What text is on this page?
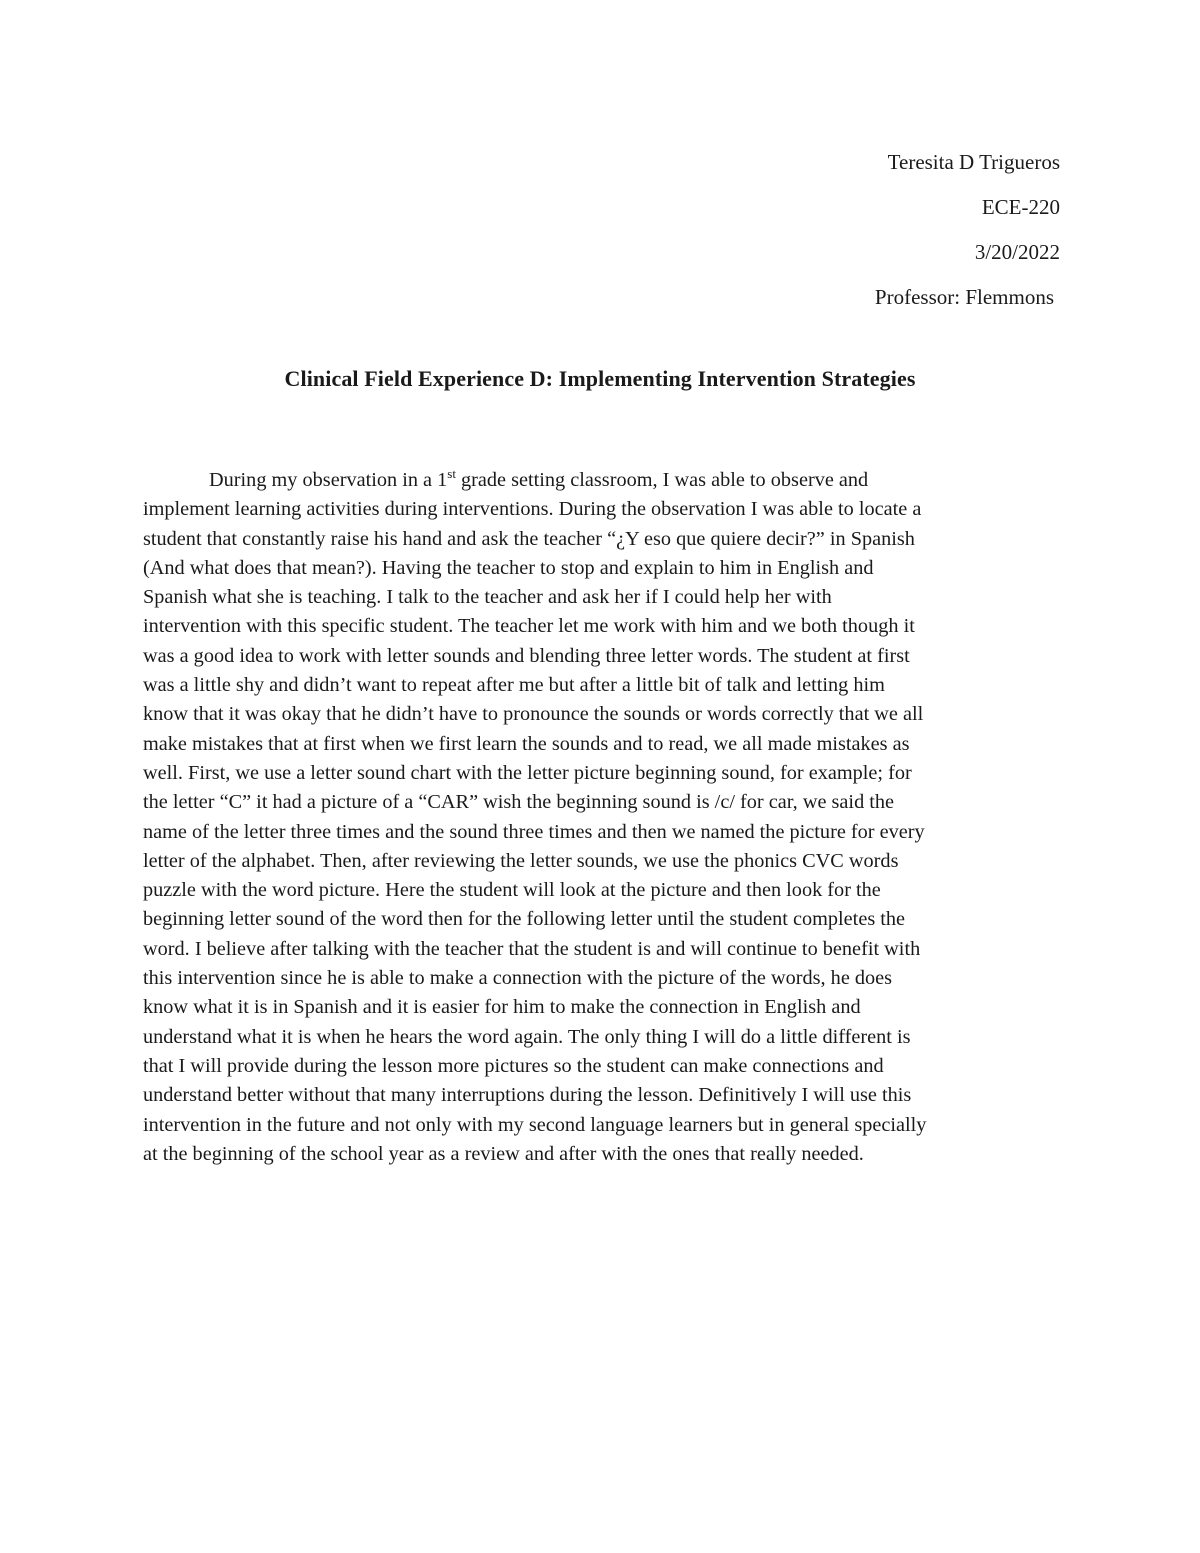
Teresita D Trigueros
ECE-220
3/20/2022
Professor: Flemmons
Clinical Field Experience D: Implementing Intervention Strategies
During my observation in a 1st grade setting classroom, I was able to observe and
implement learning activities during interventions. During the observation I was able to locate a
student that constantly raise his hand and ask the teacher “¿Y eso que quiere decir?” in Spanish
(And what does that mean?). Having the teacher to stop and explain to him in English and
Spanish what she is teaching. I talk to the teacher and ask her if I could help her with
intervention with this specific student. The teacher let me work with him and we both though it
was a good idea to work with letter sounds and blending three letter words. The student at first
was a little shy and didn’t want to repeat after me but after a little bit of talk and letting him
know that it was okay that he didn’t have to pronounce the sounds or words correctly that we all
make mistakes that at first when we first learn the sounds and to read, we all made mistakes as
well. First, we use a letter sound chart with the letter picture beginning sound, for example; for
the letter “C” it had a picture of a “CAR” wish the beginning sound is /c/ for car, we said the
name of the letter three times and the sound three times and then we named the picture for every
letter of the alphabet. Then, after reviewing the letter sounds, we use the phonics CVC words
puzzle with the word picture. Here the student will look at the picture and then look for the
beginning letter sound of the word then for the following letter until the student completes the
word. I believe after talking with the teacher that the student is and will continue to benefit with
this intervention since he is able to make a connection with the picture of the words, he does
know what it is in Spanish and it is easier for him to make the connection in English and
understand what it is when he hears the word again. The only thing I will do a little different is
that I will provide during the lesson more pictures so the student can make connections and
understand better without that many interruptions during the lesson. Definitively I will use this
intervention in the future and not only with my second language learners but in general specially
at the beginning of the school year as a review and after with the ones that really needed.
